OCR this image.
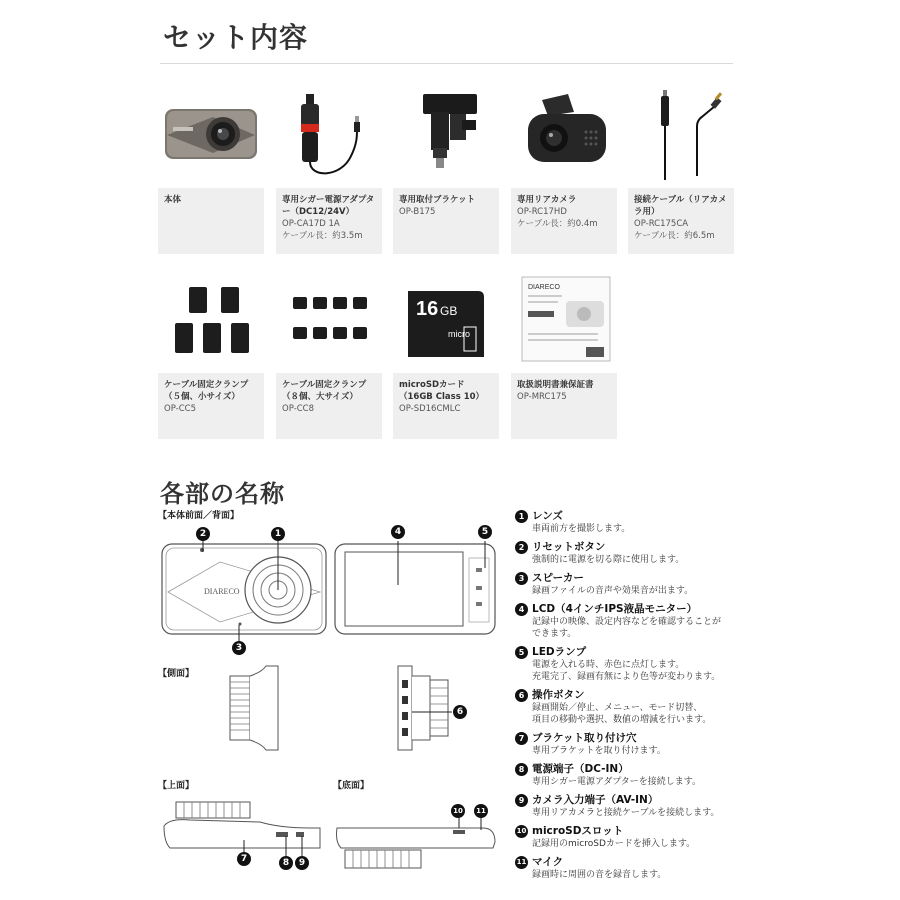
セット内容
本体	専用シガー電源アダプター（DC12/24V）
OP-CA17D 1A
ケーブル長：約3.5m
専用取付ブラケット
OP-B175
専用リアカメラ
OP-RC17HD
ケーブル長：約0.4m
接続ケーブル（リアカメラ用）
OP-RC175CA
ケーブル長：約6.5m
ケーブル固定クランプ（５個、小サイズ）
OP-CC5
ケーブル固定クランプ（８個、大サイズ）
OP-CC8
16 GB
micro
microSDカード（16GB Class 10）
OP-SD16CMLC
DIARECO
取扱説明書兼保証書
OP-MRC175
各部の名称
【本体前面／背面】
【側面】
【上面】	【底面】
DIARECO
1
2
3
4	5
6
7	8	9
10	11
1 レンズ
車両前方を撮影します。
2 リセットボタン
強制的に電源を切る際に使用します。
3 スピーカー
録画ファイルの音声や効果音が出ます。
4 LCD（4インチIPS液晶モニター）
記録中の映像、設定内容などを確認することが
できます。
5 LEDランプ
電源を入れる時、赤色に点灯します。
充電完了、録画有無により色等が変わります。
6 操作ボタン
録画開始／停止、メニュー、モード切替、
項目の移動や選択、数値の増減を行います。
7 ブラケット取り付け穴
専用ブラケットを取り付けます。
8 電源端子（DC-IN）
専用シガー電源アダプターを接続します。
9 カメラ入力端子（AV-IN）
専用リアカメラと接続ケーブルを接続します。
10 microSDスロット
記録用のmicroSDカードを挿入します。
11 マイク
録画時に周囲の音を録音します。
